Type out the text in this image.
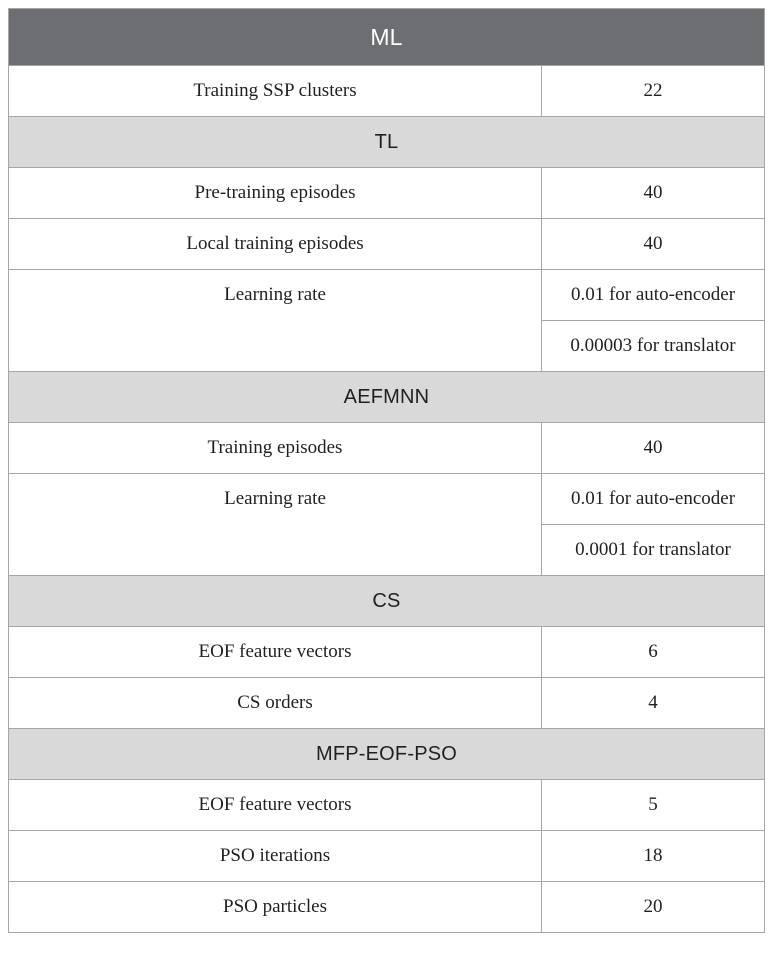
ML	
Training SSP clusters	22
TL	
Pre-training episodes	40
Local training episodes	40
Learning rate	0.01 for auto-encoder
	0.00003 for translator
AEFMNN	
Training episodes	40
Learning rate	0.01 for auto-encoder
	0.0001 for translator
CS	
EOF feature vectors	6
CS orders	4
MFP-EOF-PSO	
EOF feature vectors	5
PSO iterations	18
PSO particles	20
